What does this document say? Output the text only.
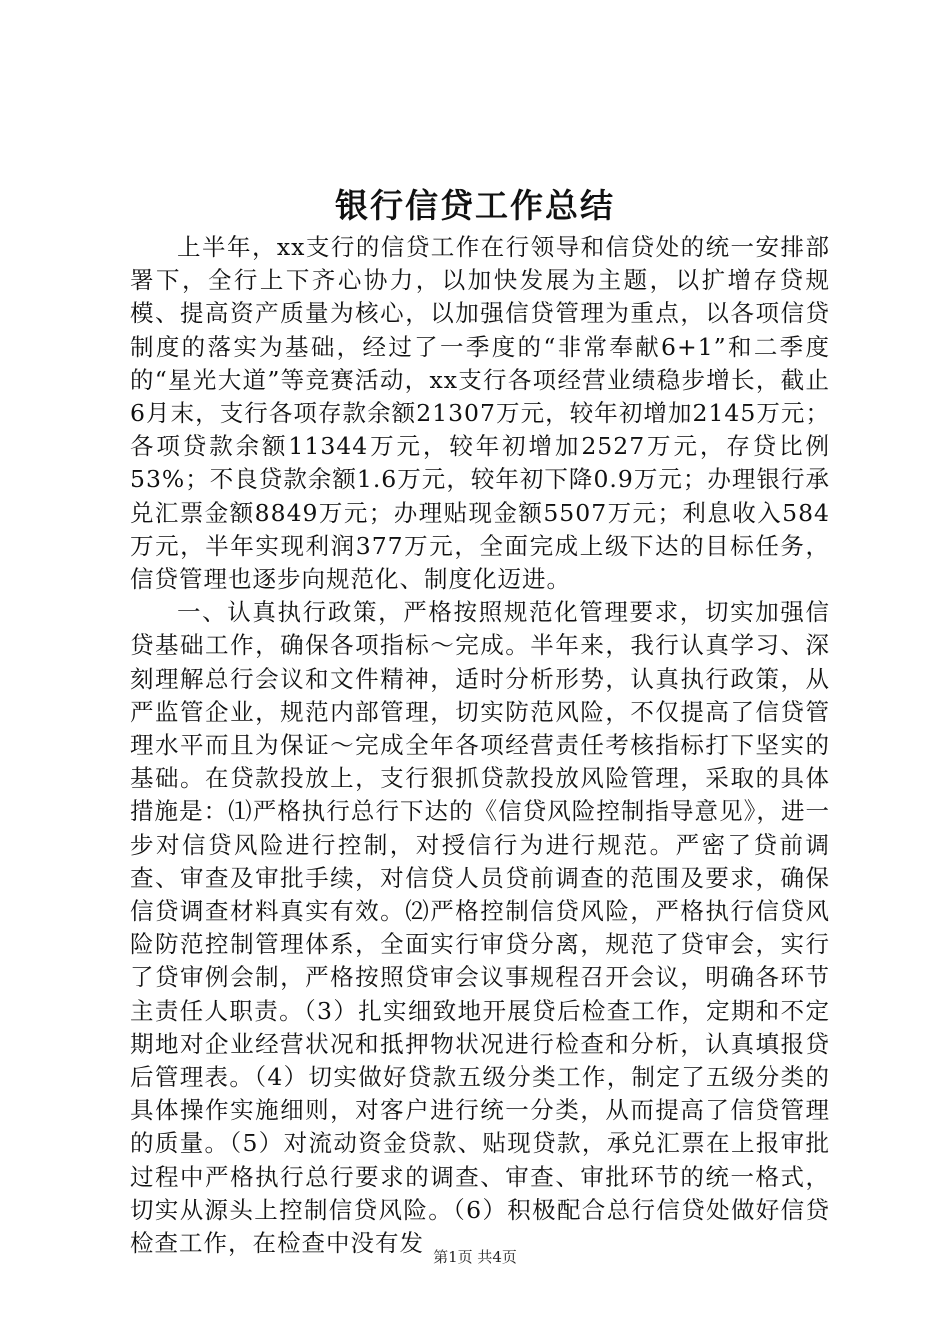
银行信贷工作总结

上半年，xx支行的信贷工作在行领导和信贷处的统一安排部署下，全行上下齐心协力，以加快发展为主题，以扩增存贷规模、提高资产质量为核心，以加强信贷管理为重点，以各项信贷制度的落实为基础，经过了一季度的“非常奉献6+1”和二季度的“星光大道”等竞赛活动，xx支行各项经营业绩稳步增长，截止6月末，支行各项存款余额21307万元，较年初增加2145万元；各项贷款余额11344万元，较年初增加2527万元，存贷比例53%；不良贷款余额1.6万元，较年初下降0.9万元；办理银行承兑汇票金额8849万元；办理贴现金额5507万元；利息收入584万元，半年实现利润377万元，全面完成上级下达的目标任务，信贷管理也逐步向规范化、制度化迈进。

一、认真执行政策，严格按照规范化管理要求，切实加强信贷基础工作，确保各项指标～完成。半年来，我行认真学习、深刻理解总行会议和文件精神，适时分析形势，认真执行政策，从严监管企业，规范内部管理，切实防范风险，不仅提高了信贷管理水平而且为保证～完成全年各项经营责任考核指标打下坚实的基础。在贷款投放上，支行狠抓贷款投放风险管理，采取的具体措施是：⑴严格执行总行下达的《信贷风险控制指导意见》，进一步对信贷风险进行控制，对授信行为进行规范。严密了贷前调查、审查及审批手续，对信贷人员贷前调查的范围及要求，确保信贷调查材料真实有效。⑵严格控制信贷风险，严格执行信贷风险防范控制管理体系，全面实行审贷分离，规范了贷审会，实行了贷审例会制，严格按照贷审会议事规程召开会议，明确各环节主责任人职责。（3）扎实细致地开展贷后检查工作，定期和不定期地对企业经营状况和抵押物状况进行检查和分析，认真填报贷后管理表。（4）切实做好贷款五级分类工作，制定了五级分类的具体操作实施细则，对客户进行统一分类，从而提高了信贷管理的质量。（5）对流动资金贷款、贴现贷款，承兑汇票在上报审批过程中严格执行总行要求的调查、审查、审批环节的统一格式，切实从源头上控制信贷风险。（6）积极配合总行信贷处做好信贷检查工作，在检查中没有发 第1页 共4页
